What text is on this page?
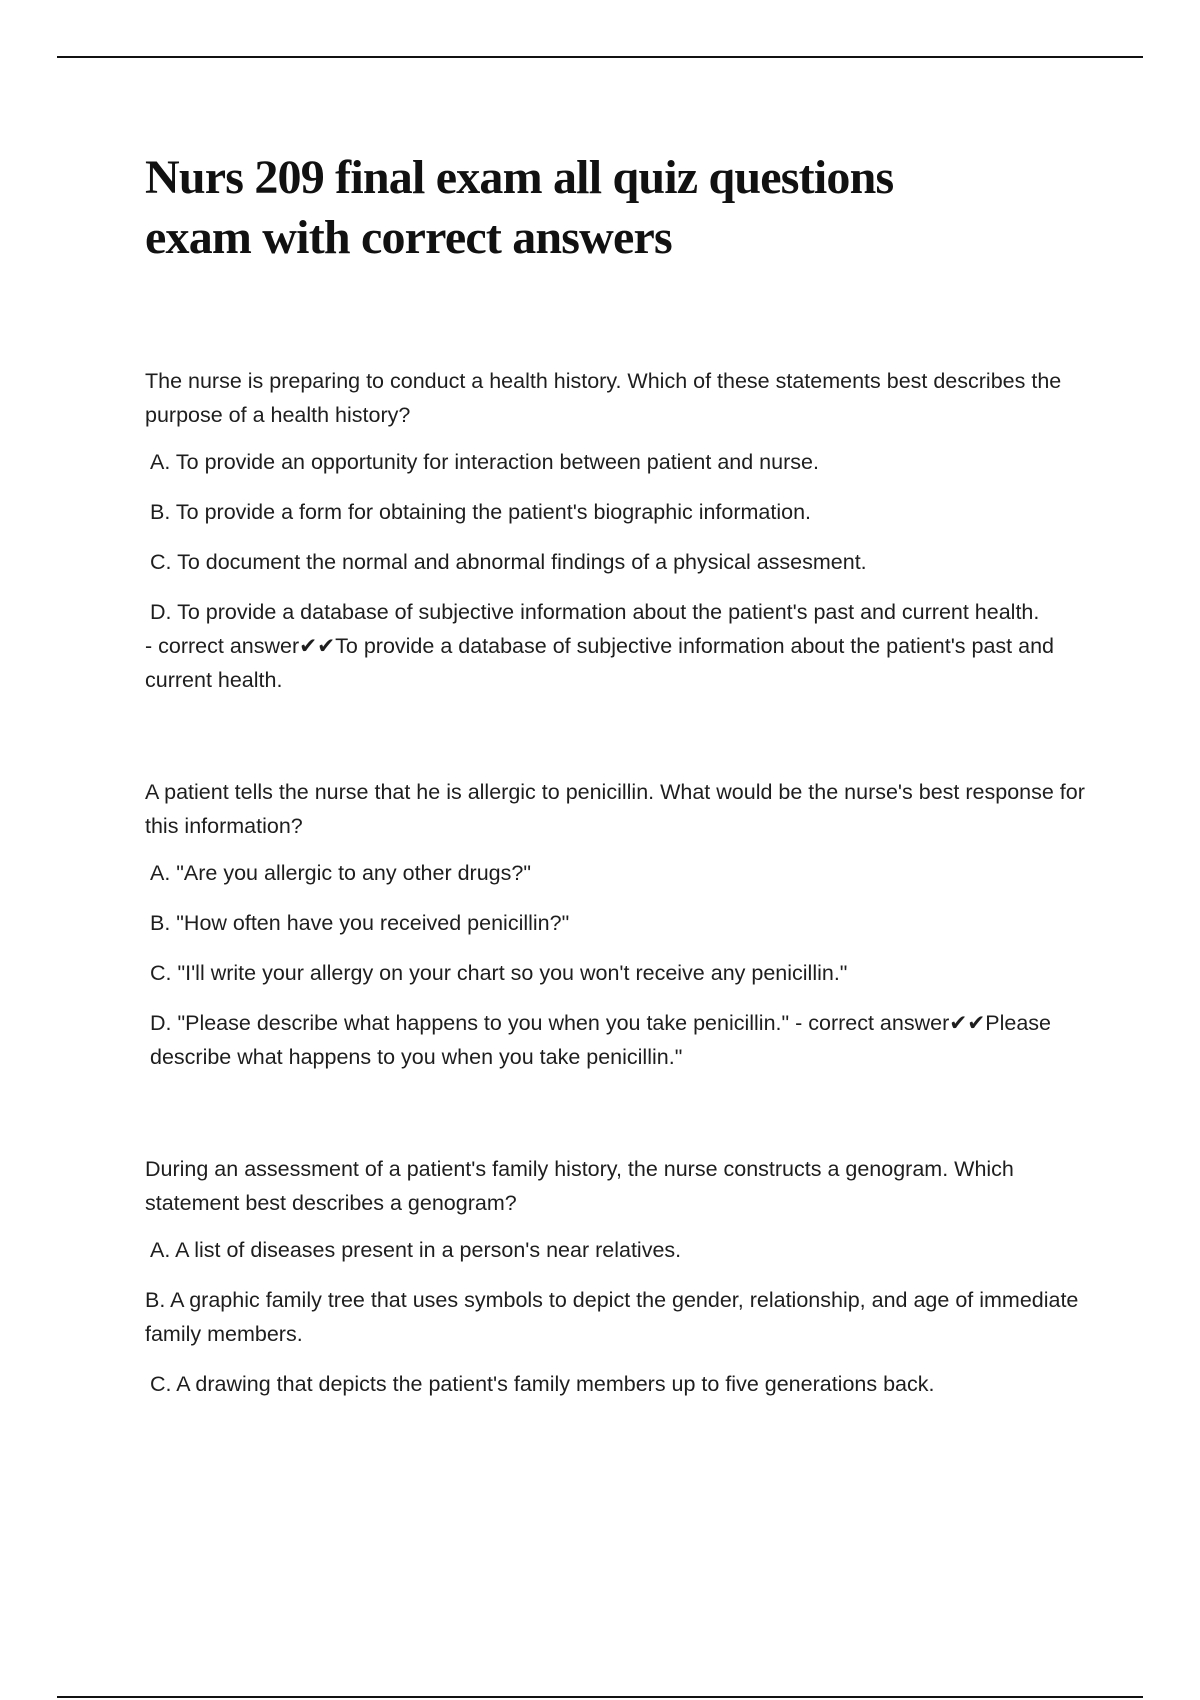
Nurs 209 final exam all quiz questions
exam with correct answers

The nurse is preparing to conduct a health history. Which of these statements best describes the purpose of a health history?

A. To provide an opportunity for interaction between patient and nurse.

B. To provide a form for obtaining the patient's biographic information.

C. To document the normal and abnormal findings of a physical assesment.

D. To provide a database of subjective information about the patient's past and current health.

- correct answer✔✔To provide a database of subjective information about the patient's past and current health.

A patient tells the nurse that he is allergic to penicillin. What would be the nurse's best response for this information?

A. "Are you allergic to any other drugs?"

B. "How often have you received penicillin?"

C. "I'll write your allergy on your chart so you won't receive any penicillin."

D. "Please describe what happens to you when you take penicillin." - correct answer✔✔Please describe what happens to you when you take penicillin."

During an assessment of a patient's family history, the nurse constructs a genogram. Which statement best describes a genogram?

A. A list of diseases present in a person's near relatives.

B. A graphic family tree that uses symbols to depict the gender, relationship, and age of immediate family members.

C. A drawing that depicts the patient's family members up to five generations back.
